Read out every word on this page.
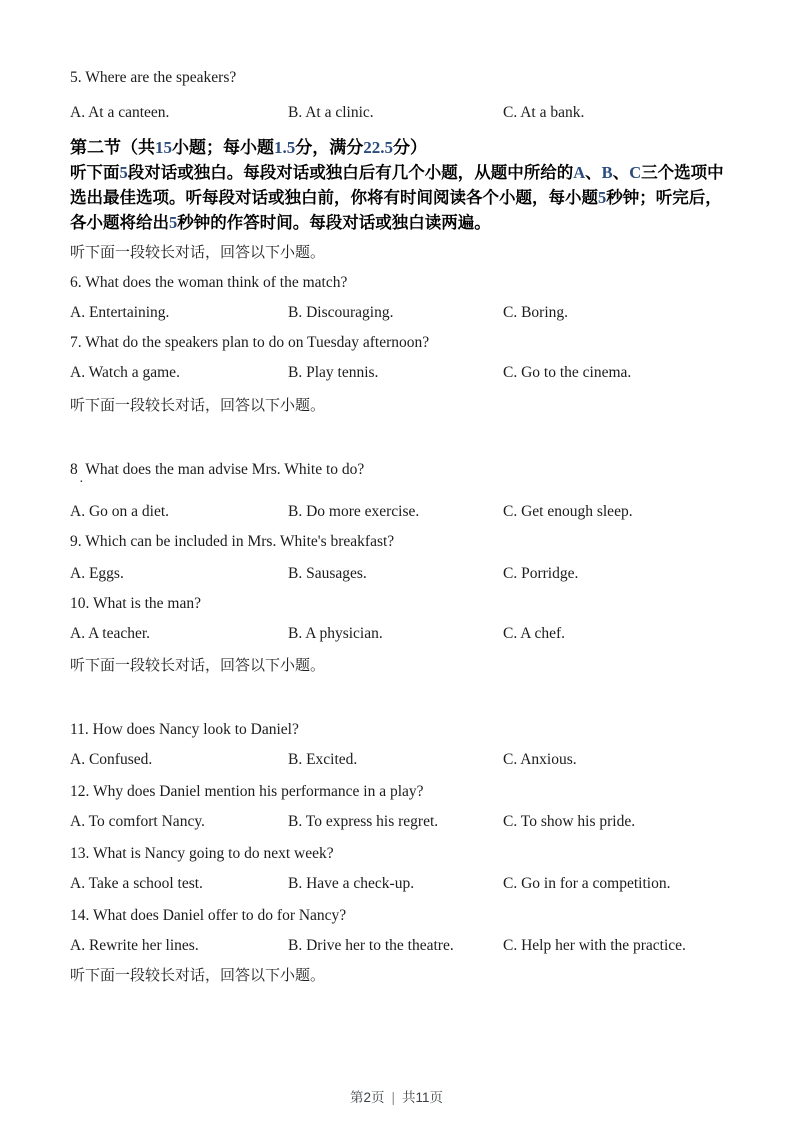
5. Where are the speakers?
A. At a canteen.	B. At a clinic.	C. At a bank.
第二节（共15小题；每小题1.5分，满分22.5分）
听下面5段对话或独白。每段对话或独白后有几个小题，从题中所给的A、B、C三个选项中
选出最佳选项。听每段对话或独白前，你将有时间阅读各个小题，每小题5秒钟；听完后，
各小题将给出5秒钟的作答时间。每段对话或独白读两遍。
听下面一段较长对话，回答以下小题。
6. What does the woman think of the match?
A. Entertaining.	B. Discouraging.	C. Boring.
7. What do the speakers plan to do on Tuesday afternoon?
A. Watch a game.	B. Play tennis.	C. Go to the cinema.
听下面一段较长对话，回答以下小题。
8  What does the man advise Mrs. White to do?
·
A. Go on a diet.	B. Do more exercise.	C. Get enough sleep.
9. Which can be included in Mrs. White's breakfast?
A. Eggs.	B. Sausages.	C. Porridge.
10. What is the man?
A. A teacher.	B. A physician.	C. A chef.
听下面一段较长对话，回答以下小题。
11. How does Nancy look to Daniel?
A. Confused.	B. Excited.	C. Anxious.
12. Why does Daniel mention his performance in a play?
A. To comfort Nancy.	B. To express his regret.	C. To show his pride.
13. What is Nancy going to do next week?
A. Take a school test.	B. Have a check-up.	C. Go in for a competition.
14. What does Daniel offer to do for Nancy?
A. Rewrite her lines.	B. Drive her to the theatre.	C. Help her with the practice.
听下面一段较长对话，回答以下小题。
第2页 | 共11页
